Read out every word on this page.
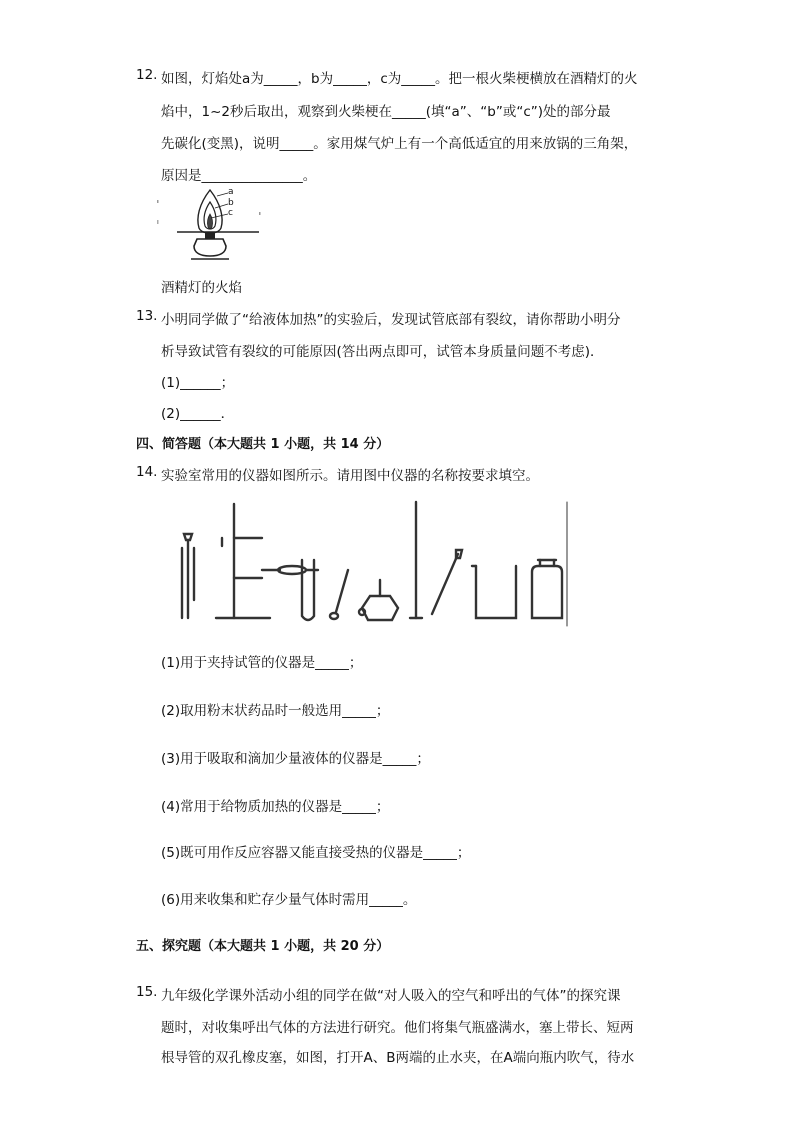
12. 如图，灯焰处a为_____，b为_____，c为_____。把一根火柴梗横放在酒精灯的火
焰中，1~2秒后取出，观察到火柴梗在_____(填“a”、“b”或“c”)处的部分最
先碳化(变黑)，说明_____。家用煤气炉上有一个高低适宜的用来放锅的三角架，
原因是_______________。
a
b
c
酒精灯的火焰
13. 小明同学做了“给液体加热”的实验后，发现试管底部有裂纹，请你帮助小明分
析导致试管有裂纹的可能原因(答出两点即可，试管本身质量问题不考虑)．
(1)______；
(2)______．
四、简答题（本大题共 1 小题，共 14 分）
14. 实验室常用的仪器如图所示。请用图中仪器的名称按要求填空。
(1)用于夹持试管的仪器是_____；
(2)取用粉末状药品时一般选用_____；
(3)用于吸取和滴加少量液体的仪器是_____；
(4)常用于给物质加热的仪器是_____；
(5)既可用作反应容器又能直接受热的仪器是_____；
(6)用来收集和贮存少量气体时需用_____。
五、探究题（本大题共 1 小题，共 20 分）
15. 九年级化学课外活动小组的同学在做“对人吸入的空气和呼出的气体”的探究课
题时，对收集呼出气体的方法进行研究。他们将集气瓶盛满水，塞上带长、短两
根导管的双孔橡皮塞，如图，打开A、B两端的止水夹，在A端向瓶内吹气，待水
